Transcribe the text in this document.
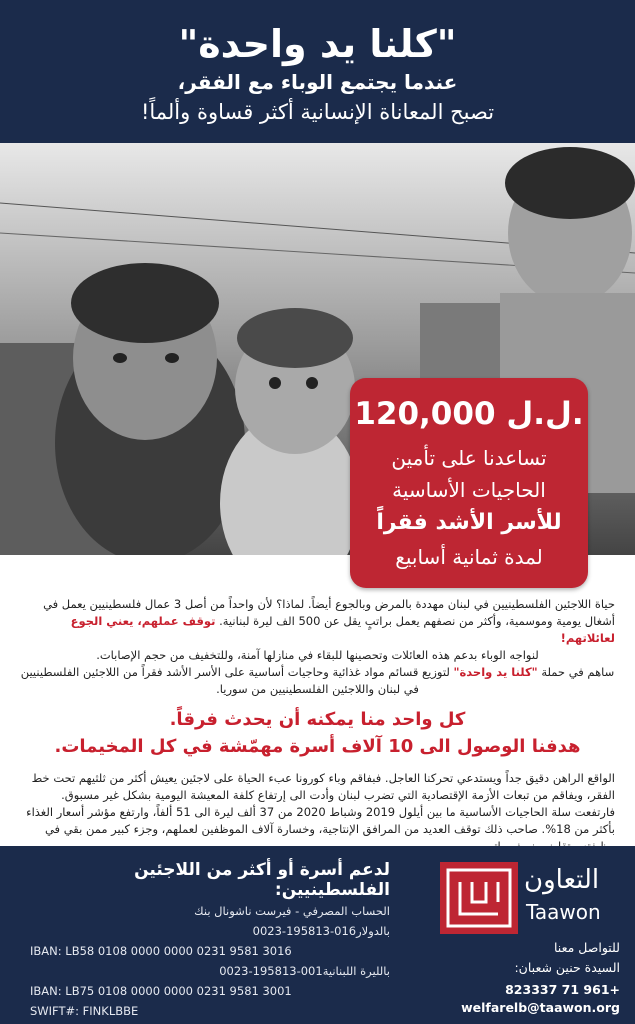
"كلنا يد واحدة"
عندما يجتمع الوباء مع الفقر،
تصبح المعاناة الإنسانية أكثر قساوة وألماً!
120,000 ل.ل.
تساعدنا على تأمين
الحاجيات الأساسية
للأسر الأشد فقراً
لمدة ثمانية أسابيع
حياة اللاجئين الفلسطينيين في لبنان مهددة بالمرض وبالجوع أيضاً. لماذا؟ لأن واحداً من أصل 3 عمال فلسطينيين يعمل في أشغال يومية وموسمية، وأكثر من نصفهم يعمل براتبٍ يقل عن 500 الف ليرة لبنانية. توقف عملهم، يعني الجوع لعائلاتهم!
لنواجه الوباء بدعم هذه العائلات وتحصينها للبقاء في منازلها آمنة، وللتخفيف من حجم الإصابات.
ساهم في حملة "كلنا يد واحدة" لتوزيع قسائم مواد غذائية وحاجيات أساسية على الأسر الأشد فقراً من اللاجئين الفلسطينيين في لبنان واللاجئين الفلسطينيين من سوريا.
كل واحد منا يمكنه أن يحدث فرقاً.
هدفنا الوصول الى 10 آلاف أسرة مهمّشة في كل المخيمات.
الواقع الراهن دقيق جداً ويستدعي تحركنا العاجل. فبفاقم وباء كورونا عبء الحياة على لاجئين يعيش أكثر من ثلثيهم تحت خط الفقر، ويفاقم من تبعات الأزمة الإقتصادية التي تضرب لبنان وأدت الى إرتفاع كلفة المعيشة اليومية بشكل غير مسبوق. فارتفعت سلة الحاجيات الأساسية ما بين أيلول 2019 وشباط 2020 من 37 ألف ليرة الى 51 ألفاً، وارتفع مؤشر أسعار الغذاء بأكثر من 18%. صاحب ذلك توقف العديد من المرافق الإنتاجية، وخسارة آلاف الموظفين لعملهم، وجزء كبير ممن بقي في
لدعم أسرة أو أكثر من اللاجئين الفلسطينيين:
الحساب المصرفي - فيرست ناشونال بنك
بالدولار016-195813-0023
IBAN: LB58 0108 0000 0000 0231 9581 3016
بالليرة اللبنانية001-195813-0023
IBAN: LB75 0108 0000 0000 0231 9581 3001
SWIFT#: FINKLBBE
التعاون
Taawon
للتواصل معنا
السيدة حنين شعبان:
+961 71 823337
welfarelb@taawon.org
